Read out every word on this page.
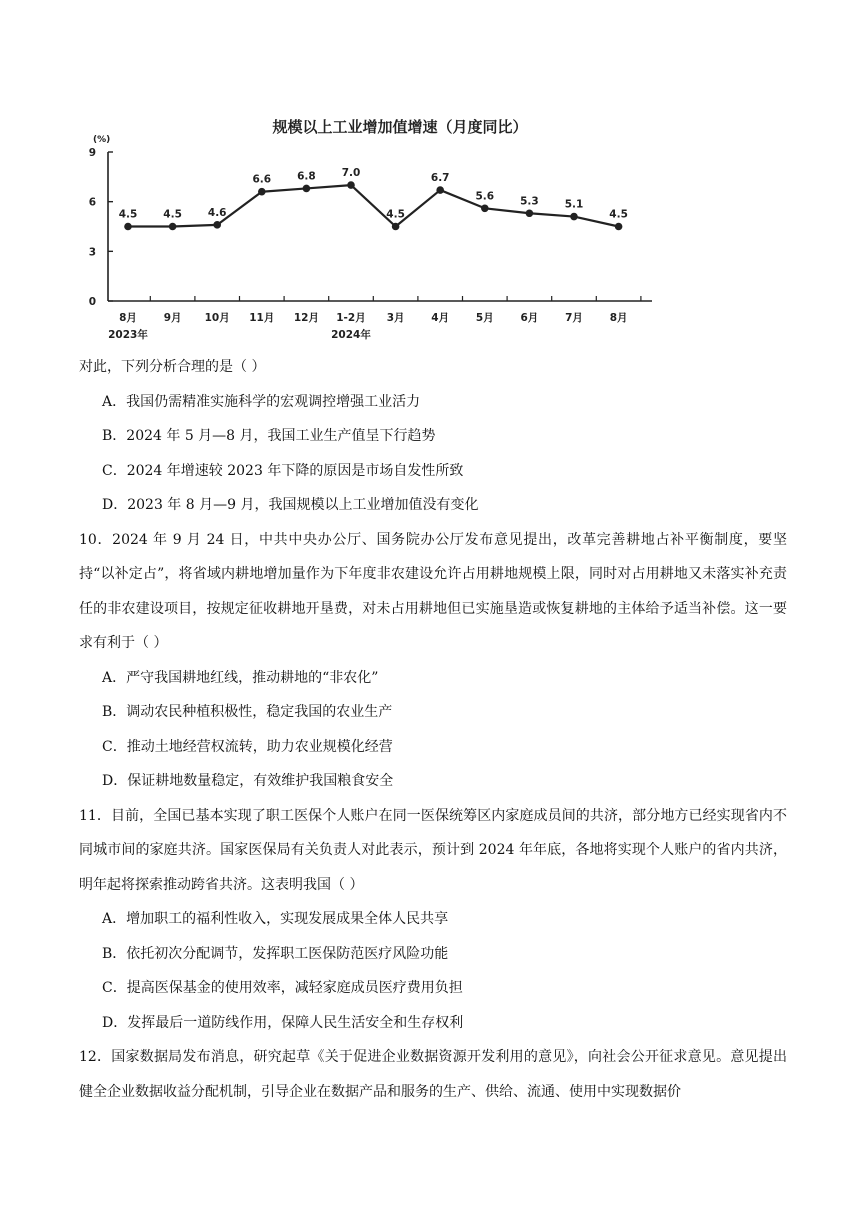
规模以上工业增加值增速（月度同比）
(%)
0
3
6
9
8月	9月 10月 11月 12月 1-2月 3月	4月	5月	6月	7月	8月
2023年	2024年
4.5 4.5 4.6
6.6 6.8 7.0
4.5
6.7
5.6 5.3 5.1
4.5

对此，下列分析合理的是（ ）

A．我国仍需精准实施科学的宏观调控增强工业活力

B．2024 年 5 月—8 月，我国工业生产值呈下行趋势

C．2024 年增速较 2023 年下降的原因是市场自发性所致

D．2023 年 8 月—9 月，我国规模以上工业增加值没有变化

10．2024 年 9 月 24 日，中共中央办公厅、国务院办公厅发布意见提出，改革完善耕地占补平衡制度，要坚持“以补定占”，将省域内耕地增加量作为下年度非农建设允许占用耕地规模上限，同时对占用耕地又未落实补充责任的非农建设项目，按规定征收耕地开垦费，对未占用耕地但已实施垦造或恢复耕地的主体给予适当补偿。这一要求有利于（ ）

A．严守我国耕地红线，推动耕地的“非农化”

B．调动农民种植积极性，稳定我国的农业生产

C．推动土地经营权流转，助力农业规模化经营

D．保证耕地数量稳定，有效维护我国粮食安全

11．目前，全国已基本实现了职工医保个人账户在同一医保统筹区内家庭成员间的共济，部分地方已经实现省内不同城市间的家庭共济。国家医保局有关负责人对此表示，预计到 2024 年年底，各地将实现个人账户的省内共济，明年起将探索推动跨省共济。这表明我国（ ）

A．增加职工的福利性收入，实现发展成果全体人民共享

B．依托初次分配调节，发挥职工医保防范医疗风险功能

C．提高医保基金的使用效率，减轻家庭成员医疗费用负担

D．发挥最后一道防线作用，保障人民生活安全和生存权利

12．国家数据局发布消息，研究起草《关于促进企业数据资源开发利用的意见》，向社会公开征求意见。意见提出健全企业数据收益分配机制，引导企业在数据产品和服务的生产、供给、流通、使用中实现数据价
